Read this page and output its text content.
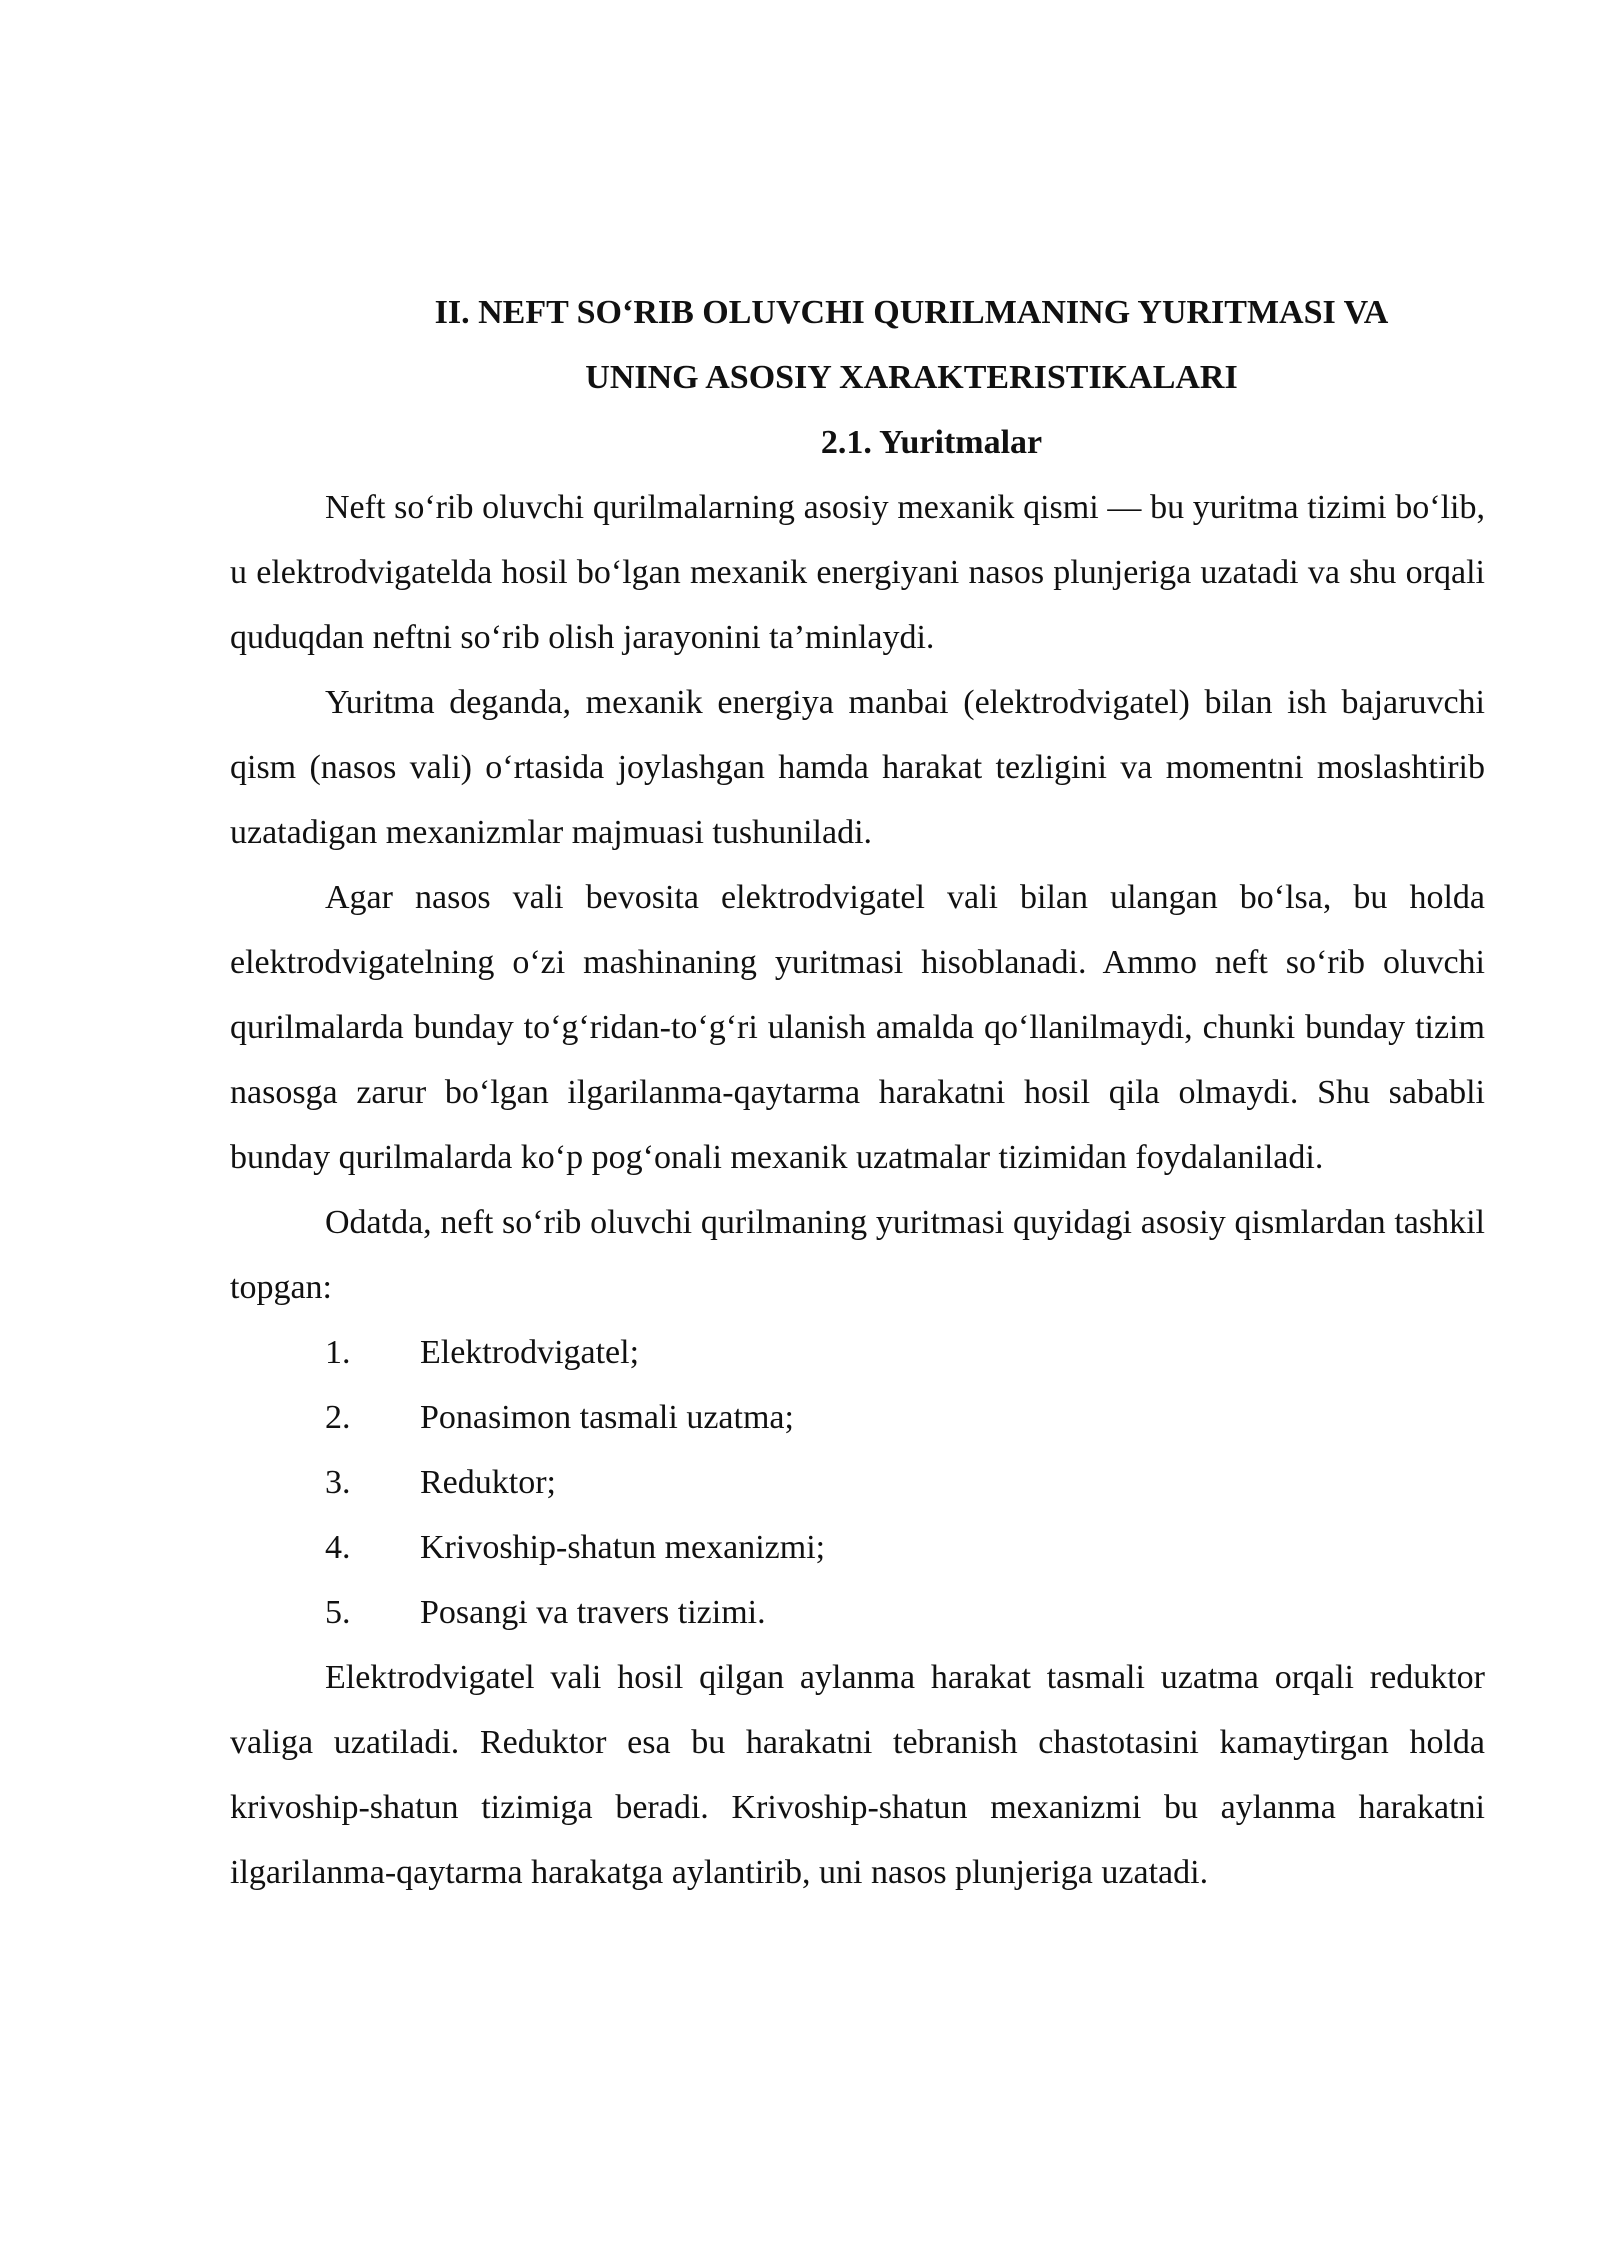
II. NEFT SO‘RIB OLUVCHI QURILMANING YURITMASI VA
UNING ASOSIY XARAKTERISTIKALARI
2.1. Yuritmalar

Neft so‘rib oluvchi qurilmalarning asosiy mexanik qismi — bu yuritma tizimi bo‘lib, u elektrodvigatelda hosil bo‘lgan mexanik energiyani nasos plunjeriga uzatadi va shu orqali quduqdan neftni so‘rib olish jarayonini ta’minlaydi.

Yuritma deganda, mexanik energiya manbai (elektrodvigatel) bilan ish bajaruvchi qism (nasos vali) o‘rtasida joylashgan hamda harakat tezligini va momentni moslashtirib uzatadigan mexanizmlar majmuasi tushuniladi.

Agar nasos vali bevosita elektrodvigatel vali bilan ulangan bo‘lsa, bu holda elektrodvigatelning o‘zi mashinaning yuritmasi hisoblanadi. Ammo neft so‘rib oluvchi qurilmalarda bunday to‘g‘ridan-to‘g‘ri ulanish amalda qo‘llanilmaydi, chunki bunday tizim nasosga zarur bo‘lgan ilgarilanma-qaytarma harakatni hosil qila olmaydi. Shu sababli bunday qurilmalarda ko‘p pog‘onali mexanik uzatmalar tizimidan foydalaniladi.

Odatda, neft so‘rib oluvchi qurilmaning yuritmasi quyidagi asosiy qismlardan tashkil topgan:

1.	Elektrodvigatel;
2.	Ponasimon tasmali uzatma;
3.	Reduktor;
4.	Krivoship-shatun mexanizmi;
5.	Posangi va travers tizimi.

Elektrodvigatel vali hosil qilgan aylanma harakat tasmali uzatma orqali reduktor valiga uzatiladi. Reduktor esa bu harakatni tebranish chastotasini kamaytirgan holda krivoship-shatun tizimiga beradi. Krivoship-shatun mexanizmi bu aylanma harakatni ilgarilanma-qaytarma harakatga aylantirib, uni nasos plunjeriga uzatadi.
